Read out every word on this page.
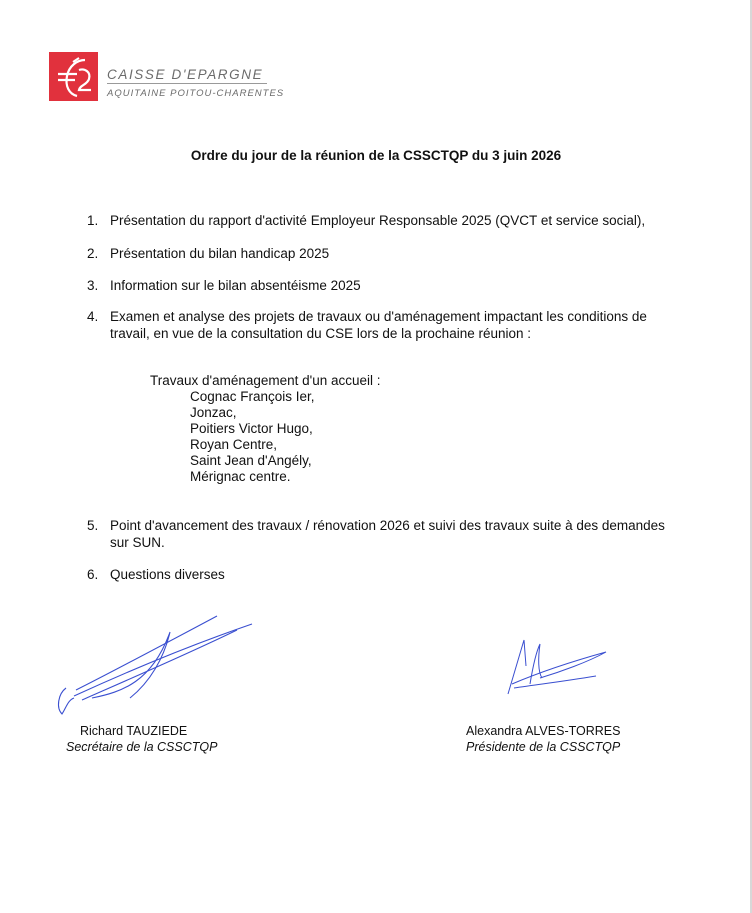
CAISSE D'EPARGNE
AQUITAINE POITOU-CHARENTES
Ordre du jour de la réunion de la CSSCTQP du 3 juin 2026
1. Présentation du rapport d'activité Employeur Responsable 2025 (QVCT et service social),
2. Présentation du bilan handicap 2025
3. Information sur le bilan absentéisme 2025
4. Examen et analyse des projets de travaux ou d'aménagement impactant les conditions de travail, en vue de la consultation du CSE lors de la prochaine réunion :
Travaux d'aménagement d'un accueil :
Cognac François Ier,
Jonzac,
Poitiers Victor Hugo,
Royan Centre,
Saint Jean d'Angély,
Mérignac centre.
5. Point d'avancement des travaux / rénovation 2026 et suivi des travaux suite à des demandes sur SUN.
6. Questions diverses
Richard TAUZIEDE
Secrétaire de la CSSCTQP
Alexandra ALVES-TORRES
Présidente de la CSSCTQP
